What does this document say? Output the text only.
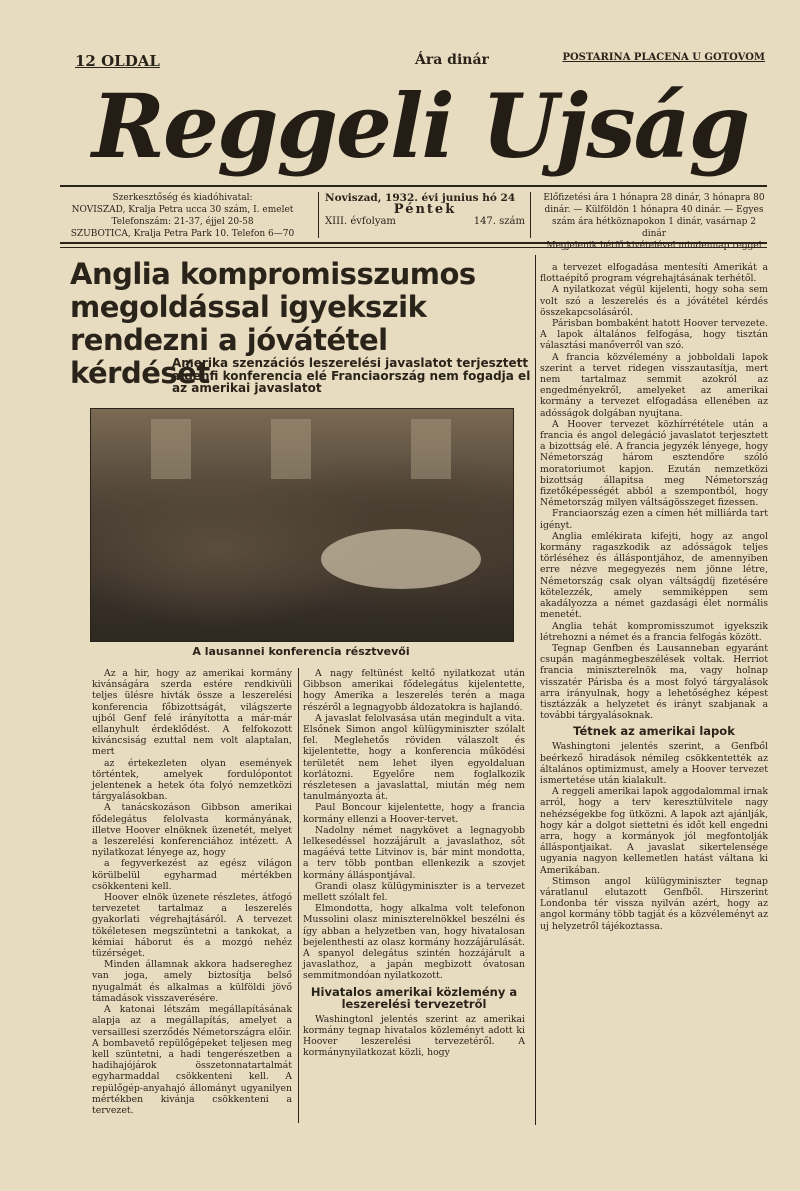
12 OLDAL	Ára dinár	POSTARINA PLACENA U GOTOVOM
Reggeli Ujság
Szerkesztőség és kiadóhivatal:
NOVISZAD, Kralja Petra ucca 30 szám, I. emelet
Telefonszám: 21-37, éjjel 20-58
SZUBOTICA, Kralja Petra Park 10. Telefon 6—70
Noviszad, 1932. évi junius hó 24
Péntek
XIII. évfolyam	147. szám
Előfizetési ára 1 hónapra 28 dinár, 3 hónapra 80
dinár. — Külföldön 1 hónapra 40 dinár. — Egyes
szám ára hétköznapokon 1 dinár, vasárnap 2 dinár
Megjelenik hétfő kivételével mindennap reggel
Anglia kompromisszumos megoldással igyekszik rendezni a jóvátétel kérdését
Amerika szenzációs leszerelési javaslatot terjesztett a genfi konferencia elé Franciaország nem fogadja el az amerikai javaslatot
A lausannei konferencia résztvevői

Az a hir, hogy az amerikai kormány kivánságára szerda estére rendkivüli teljes ülésre hivták össze a leszerelési konferencia főbizottságát, világszerte ujból Genf felé irányította a már-már ellanyhult érdeklődést. A felfokozott kiváncsiság ezuttal nem volt alaptalan, mert

az értekezleten olyan események történtek, amelyek fordulópontot jelentenek a hetek óta folyó nemzetközi tárgyalásokban.

A tanácskozáson Gibbson amerikai fődelegátus felolvasta kormányának, illetve Hoover elnöknek üzenetét, melyet a leszerelési konferenciához intézett. A nyilatkozat lényege az, hogy

a fegyverkezést az egész világon körülbelül egyharmad mértékben csökkenteni kell.

Hoover elnök üzenete részletes, átfogó tervezetet tartalmaz a leszerelés gyakorlati végrehajtásáról. A tervezet tökéletesen megszüntetni a tankokat, a kémiai háborut és a mozgó nehéz tüzérséget.

Minden államnak akkora hadsereghez van joga, amely biztosítja belső nyugalmát és alkalmas a külföldi jövő támadások visszaverésére.

A katonai létszám megállapításának alapja az a megállapítás, amelyet a versaillesi szerződés Németországra előir. A bombavető repülőgépeket teljesen meg kell szüntetni, a hadi tengerészetben a hadihajójárok összetonnatartalmát egyharmaddal csökkenteni kell. A repülőgép-anyahajó állományt ugyanilyen mértékben kivánja csökkenteni a tervezet.

A nagy feltünést keltő nyilatkozat után Gibbson amerikai fődelegátus kijelentette, hogy Amerika a leszerelés terén a maga részéről a legnagyobb áldozatokra is hajlandó.

A javaslat felolvasása után megindult a vita. Elsőnek Simon angol külügyminiszter szólalt fel. Meglehetős röviden válaszolt és kijelentette, hogy a konferencia működési területét nem lehet ilyen egyoldaluan korlátozni. Egyelőre nem foglalkozik részletesen a javaslattal, miután még nem tanulmányozta át.

Paul Boncour kijelentette, hogy a francia kormány ellenzi a Hoover-tervet.

Nadolny német nagykövet a legnagyobb lelkesedéssel hozzájárult a javaslathoz, sőt magáévá tette Litvinov is, bár mint mondotta, a terv több pontban ellenkezik a szovjet kormány álláspontjával.

Grandi olasz külügyminiszter is a tervezet mellett szólalt fel.

Elmondotta, hogy alkalma volt telefonon Mussolini olasz miniszterelnökkel beszélni és így abban a helyzetben van, hogy hivatalosan bejelenthesti az olasz kormány hozzájárulását. A spanyol delegátus szintén hozzájárult a javaslathoz, a japán megbizott óvatosan semmitmondóan nyilatkozott.

Hivatalos amerikai közlemény a leszerelési tervezetről

Washingtonl jelentés szerint az amerikai kormány tegnap hivatalos közleményt adott ki Hoover leszerelési tervezetéről. A kormánynyilatkozat közli, hogy

a tervezet elfogadása mentesíti Amerikát a flottaépítő program végrehajtásának terhétől.

A nyilatkozat végül kijelenti, hogy soha sem volt szó a leszerelés és a jóvátétel kérdés összekapcsolásáról.

Párisban bombaként hatott Hoover tervezete. A lapok általános felfogása, hogy tisztán választási manőverről van szó.

A francia közvélemény a jobboldali lapok szerint a tervet ridegen visszautasítja, mert nem tartalmaz semmit azokról az engedményekről, amelyeket az amerikai kormány a tervezet elfogadása ellenében az adósságok dolgában nyujtana.

A Hoover tervezet közhírrététele után a francia és angol delegáció javaslatot terjesztett a bizottság elé. A francia jegyzék lényege, hogy Németország három esztendőre szóló moratoriumot kapjon. Ezután nemzetközi bizottság állapitsa meg Németország fizetőképességét abból a szempontból, hogy Németország milyen váltságösszeget fizessen.

Franciaország ezen a címen hét milliárda tart igényt.

Anglia emlékirata kifejti, hogy az angol kormány ragaszkodik az adósságok teljes törléséhez és álláspontjához, de amennyiben erre nézve megegyezés nem jönne létre, Németország csak olyan váltságdíj fizetésére kötelezzék, amely semmiképpen sem akadályozza a német gazdasági élet normális menetét.

Anglia tehát kompromisszumot igyekszik létrehozni a német és a francia felfogás között.

Tegnap Genfben és Lausanneban egyaránt csupán magánmegbeszélések voltak. Herriot francia miniszterelnök ma, vagy holnap visszatér Párisba és a most folyó tárgyalások arra irányulnak, hogy a lehetőséghez képest tisztázzák a helyzetet és irányt szabjanak a további tárgyalásoknak.

Tétnek az amerikai lapok

Washingtoni jelentés szerint, a Genfből beérkező hiradások némileg csökkentették az általános optimizmust, amely a Hoover tervezet ismertetése után kialakult.

A reggeli amerikai lapok aggodalommal irnak arról, hogy a terv keresztülvitele nagy nehézségekbe fog ütközni. A lapok azt ajánlják, hogy kár a dolgot siettetni és időt kell engedni arra, hogy a kormányok jól megfontolják álláspontjaikat. A javaslat sikertelensége ugyania nagyon kellemetlen hatást váltana ki Amerikában.

Stimson angol külügyminiszter tegnap váratlanul elutazott Genfből. Hirszerint Londonba tér vissza nyilván azért, hogy az angol kormány több tagját és a közvéleményt az uj helyzetről tájékoztassa.
